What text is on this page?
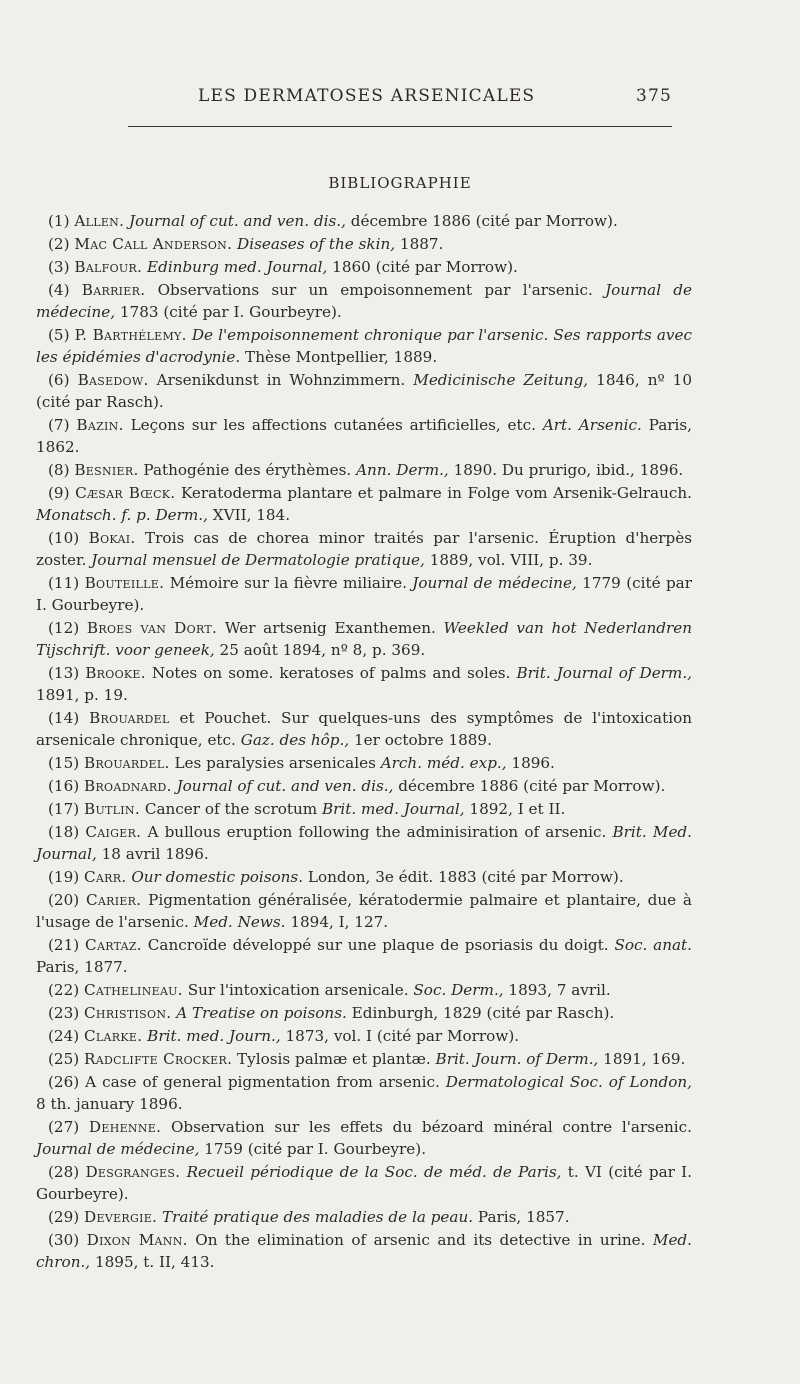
LES DERMATOSES ARSENICALES	375
BIBLIOGRAPHIE

(1) Allen. Journal of cut. and ven. dis., décembre 1886 (cité par Morrow).

(2) Mac Call Anderson. Diseases of the skin, 1887.

(3) Balfour. Edinburg med. Journal, 1860 (cité par Morrow).

(4) Barrier. Observations sur un empoisonnement par l'arsenic. Journal de médecine, 1783 (cité par I. Gourbeyre).

(5) P. Barthélemy. De l'empoisonnement chronique par l'arsenic. Ses rapports avec les épidémies d'acrodynie. Thèse Montpellier, 1889.

(6) Basedow. Arsenikdunst in Wohnzimmern. Medicinische Zeitung, 1846, nº 10 (cité par Rasch).

(7) Bazin. Leçons sur les affections cutanées artificielles, etc. Art. Arsenic. Paris, 1862.

(8) Besnier. Pathogénie des érythèmes. Ann. Derm., 1890. Du prurigo, ibid., 1896.

(9) Cæsar Bœck. Keratoderma plantare et palmare in Folge vom Arsenik-Gelrauch. Monatsch. f. p. Derm., XVII, 184.

(10) Bokai. Trois cas de chorea minor traités par l'arsenic. Éruption d'herpès zoster. Journal mensuel de Dermatologie pratique, 1889, vol. VIII, p. 39.

(11) Bouteille. Mémoire sur la fièvre miliaire. Journal de médecine, 1779 (cité par I. Gourbeyre).

(12) Broes van Dort. Wer artsenig Exanthemen. Weekled van hot Nederlandren Tijschrift. voor geneek, 25 août 1894, nº 8, p. 369.

(13) Brooke. Notes on some. keratoses of palms and soles. Brit. Journal of Derm., 1891, p. 19.

(14) Brouardel et Pouchet. Sur quelques-uns des symptômes de l'intoxication arsenicale chronique, etc. Gaz. des hôp., 1er octobre 1889.

(15) Brouardel. Les paralysies arsenicales Arch. méd. exp., 1896.

(16) Broadnard. Journal of cut. and ven. dis., décembre 1886 (cité par Morrow).

(17) Butlin. Cancer of the scrotum Brit. med. Journal, 1892, I et II.

(18) Caiger. A bullous eruption following the adminisiration of arsenic. Brit. Med. Journal, 18 avril 1896.

(19) Carr. Our domestic poisons. London, 3e édit. 1883 (cité par Morrow).

(20) Carier. Pigmentation généralisée, kératodermie palmaire et plantaire, due à l'usage de l'arsenic. Med. News. 1894, I, 127.

(21) Cartaz. Cancroïde développé sur une plaque de psoriasis du doigt. Soc. anat. Paris, 1877.

(22) Cathelineau. Sur l'intoxication arsenicale. Soc. Derm., 1893, 7 avril.

(23) Christison. A Treatise on poisons. Edinburgh, 1829 (cité par Rasch).

(24) Clarke. Brit. med. Journ., 1873, vol. I (cité par Morrow).

(25) Radclifte Crocker. Tylosis palmæ et plantæ. Brit. Journ. of Derm., 1891, 169.

(26) A case of general pigmentation from arsenic. Dermatological Soc. of London, 8 th. january 1896.

(27) Dehenne. Observation sur les effets du bézoard minéral contre l'arsenic. Journal de médecine, 1759 (cité par I. Gourbeyre).

(28) Desgranges. Recueil périodique de la Soc. de méd. de Paris, t. VI (cité par I. Gourbeyre).

(29) Devergie. Traité pratique des maladies de la peau. Paris, 1857.

(30) Dixon Mann. On the elimination of arsenic and its detective in urine. Med. chron., 1895, t. II, 413.
